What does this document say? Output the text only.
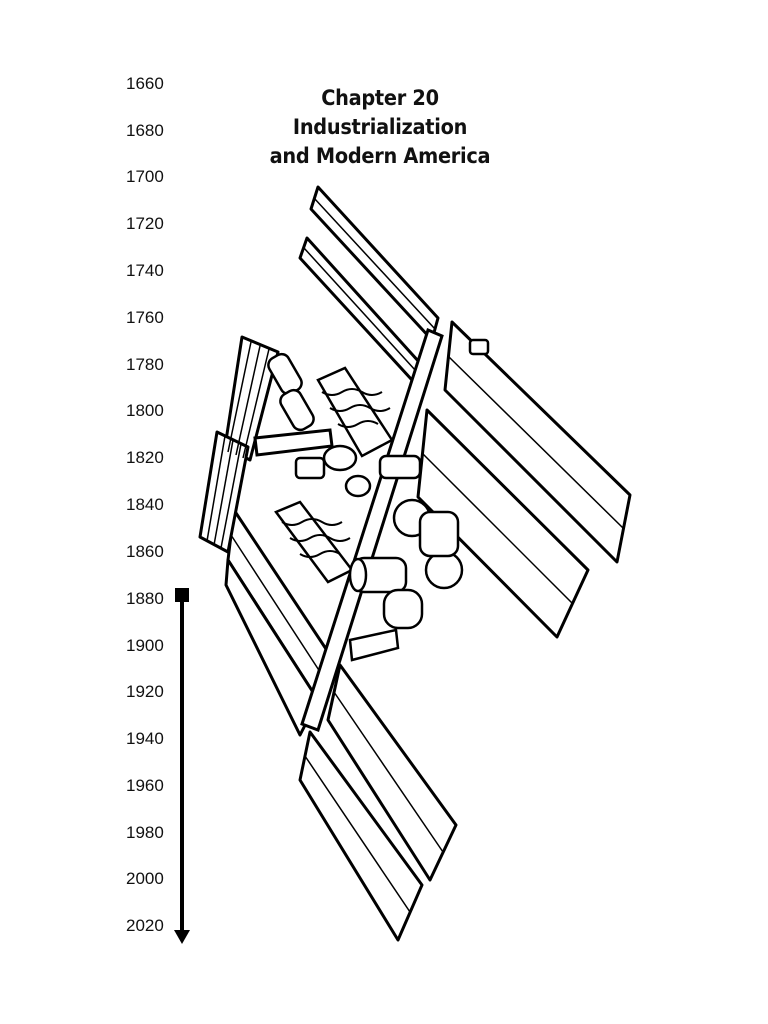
1660
1680
1700
1720
1740
1760
1780
1800
1820
1840
1860
1880
1900
1920
1940
1960
1980
2000
2020
Chapter 20
Industrialization
and Modern America
